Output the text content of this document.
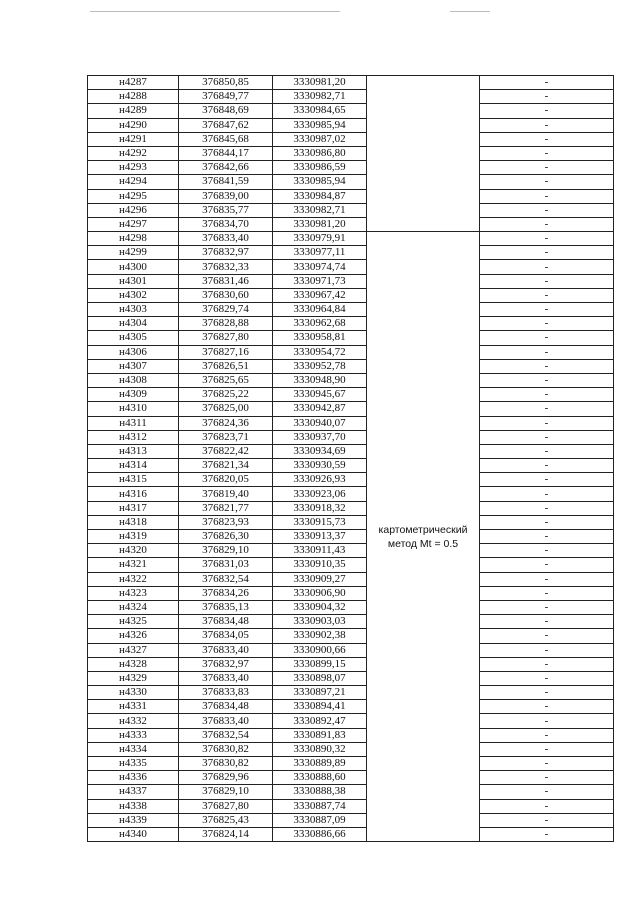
н4287	376850,85	3330981,20		-
н4288	376849,77	3330982,71		-
н4289	376848,69	3330984,65		-
н4290	376847,62	3330985,94		-
н4291	376845,68	3330987,02		-
н4292	376844,17	3330986,80		-
н4293	376842,66	3330986,59		-
н4294	376841,59	3330985,94		-
н4295	376839,00	3330984,87		-
н4296	376835,77	3330982,71		-
н4297	376834,70	3330981,20		-
н4298	376833,40	3330979,91	картометрический метод Mt = 0.5	-
н4299	376832,97	3330977,11		-
н4300	376832,33	3330974,74		-
н4301	376831,46	3330971,73		-
н4302	376830,60	3330967,42		-
н4303	376829,74	3330964,84		-
н4304	376828,88	3330962,68		-
н4305	376827,80	3330958,81		-
н4306	376827,16	3330954,72		-
н4307	376826,51	3330952,78		-
н4308	376825,65	3330948,90		-
н4309	376825,22	3330945,67		-
н4310	376825,00	3330942,87		-
н4311	376824,36	3330940,07		-
н4312	376823,71	3330937,70		-
н4313	376822,42	3330934,69		-
н4314	376821,34	3330930,59		-
н4315	376820,05	3330926,93		-
н4316	376819,40	3330923,06		-
н4317	376821,77	3330918,32		-
н4318	376823,93	3330915,73		-
н4319	376826,30	3330913,37		-
н4320	376829,10	3330911,43		-
н4321	376831,03	3330910,35		-
н4322	376832,54	3330909,27		-
н4323	376834,26	3330906,90		-
н4324	376835,13	3330904,32		-
н4325	376834,48	3330903,03		-
н4326	376834,05	3330902,38		-
н4327	376833,40	3330900,66		-
н4328	376832,97	3330899,15		-
н4329	376833,40	3330898,07		-
н4330	376833,83	3330897,21		-
н4331	376834,48	3330894,41		-
н4332	376833,40	3330892,47		-
н4333	376832,54	3330891,83		-
н4334	376830,82	3330890,32		-
н4335	376830,82	3330889,89		-
н4336	376829,96	3330888,60		-
н4337	376829,10	3330888,38		-
н4338	376827,80	3330887,74		-
н4339	376825,43	3330887,09		-
н4340	376824,14	3330886,66		-
